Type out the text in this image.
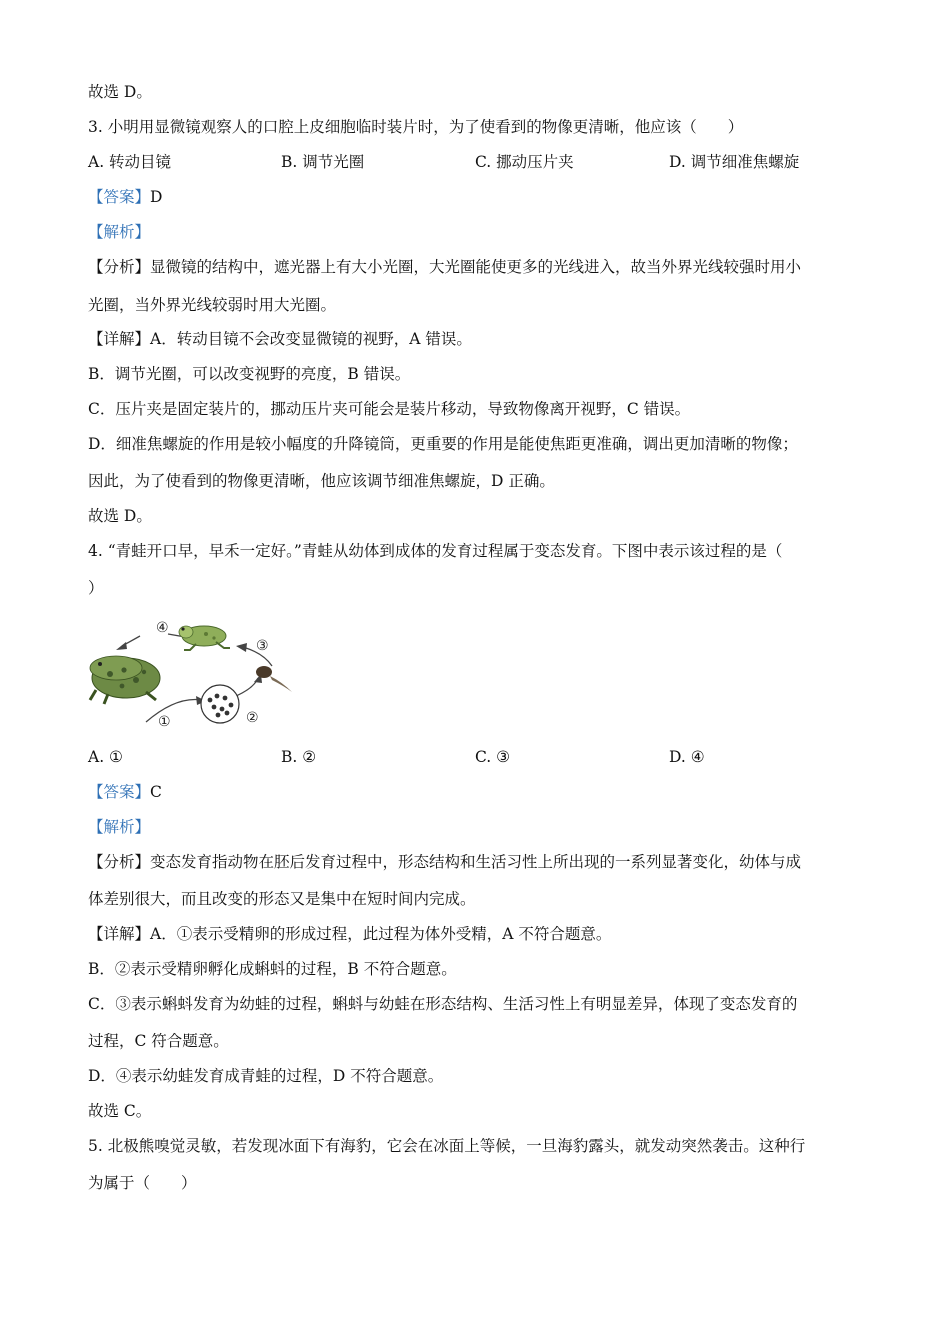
故选 D。
3. 小明用显微镜观察人的口腔上皮细胞临时装片时，为了使看到的物像更清晰，他应该（　　）
A. 转动目镜	B. 调节光圈	C. 挪动压片夹	D. 调节细准焦螺旋
【答案】D
【解析】
【分析】显微镜的结构中，遮光器上有大小光圈，大光圈能使更多的光线进入，故当外界光线较强时用小
光圈，当外界光线较弱时用大光圈。
【详解】A．转动目镜不会改变显微镜的视野，A 错误。
B．调节光圈，可以改变视野的亮度，B 错误。
C．压片夹是固定装片的，挪动压片夹可能会是装片移动，导致物像离开视野，C 错误。
D．细准焦螺旋的作用是较小幅度的升降镜筒，更重要的作用是能使焦距更准确，调出更加清晰的物像；
因此，为了使看到的物像更清晰，他应该调节细准焦螺旋，D 正确。
故选 D。
4. “青蛙开口早，早禾一定好。”青蛙从幼体到成体的发育过程属于变态发育。下图中表示该过程的是（
）
④
③
①	②
A. ①	B. ②	C. ③	D. ④
【答案】C
【解析】
【分析】变态发育指动物在胚后发育过程中，形态结构和生活习性上所出现的一系列显著变化，幼体与成
体差别很大，而且改变的形态又是集中在短时间内完成。
【详解】A．①表示受精卵的形成过程，此过程为体外受精，A 不符合题意。
B．②表示受精卵孵化成蝌蚪的过程，B 不符合题意。
C．③表示蝌蚪发育为幼蛙的过程，蝌蚪与幼蛙在形态结构、生活习性上有明显差异，体现了变态发育的
过程，C 符合题意。
D．④表示幼蛙发育成青蛙的过程，D 不符合题意。
故选 C。
5. 北极熊嗅觉灵敏，若发现冰面下有海豹，它会在冰面上等候，一旦海豹露头，就发动突然袭击。这种行
为属于（　　）
